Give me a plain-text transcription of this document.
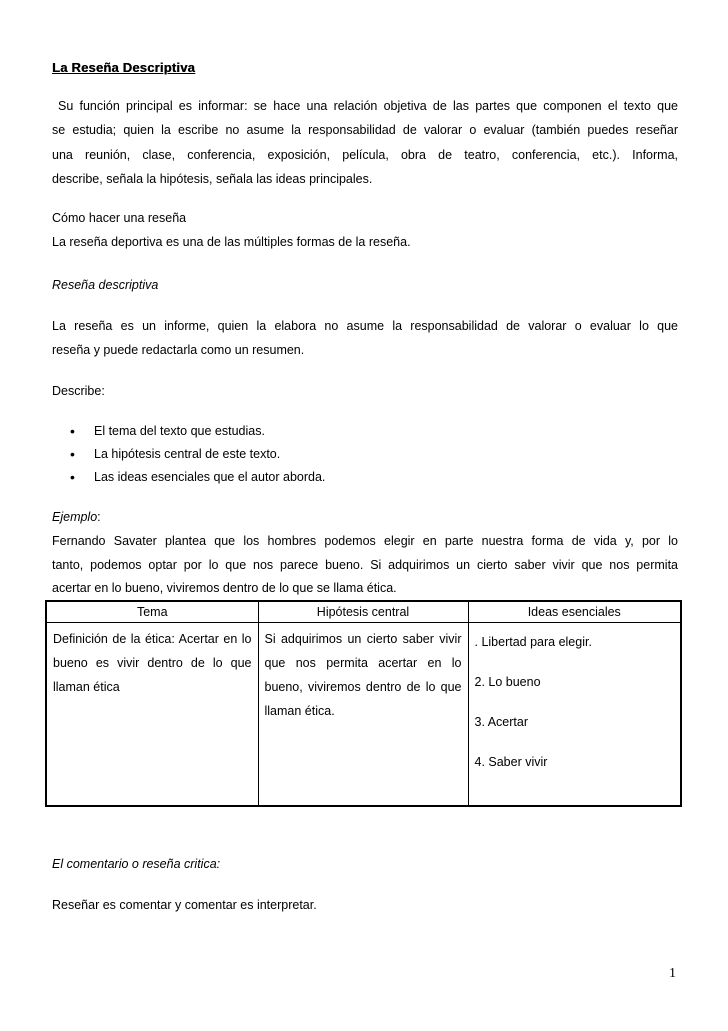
La Reseña Descriptiva
Su función principal es informar: se hace una relación objetiva de las partes que componen el texto que
se estudia; quien la escribe no asume la responsabilidad de valorar o evaluar (también puedes reseñar
una reunión, clase, conferencia, exposición, película, obra de teatro, conferencia, etc.). Informa,
describe, señala la hipótesis, señala las ideas principales.
Cómo hacer una reseña
La reseña deportiva es una de las múltiples formas de la reseña.
Reseña descriptiva
La reseña es un informe, quien la elabora no asume la responsabilidad de valorar o evaluar lo que
reseña y puede redactarla como un resumen.
Describe:
• El tema del texto que estudias.
• La hipótesis central de este texto.
• Las ideas esenciales que el autor aborda.
Ejemplo:
Fernando Savater plantea que los hombres podemos elegir en parte nuestra forma de vida y, por lo
tanto, podemos optar por lo que nos parece bueno. Si adquirimos un cierto saber vivir que nos permita
acertar en lo bueno, viviremos dentro de lo que se llama ética.
Tema	Hipótesis central	Ideas esenciales
Definición de la ética: Acertar en lo bueno es vivir dentro de lo que llaman ética	Si adquirimos un cierto saber vivir que nos permita acertar en lo bueno, viviremos dentro de lo que llaman ética.	. Libertad para elegir.
2. Lo bueno
3. Acertar
4. Saber vivir
El comentario o reseña critica:
Reseñar es comentar y comentar es interpretar.
1
